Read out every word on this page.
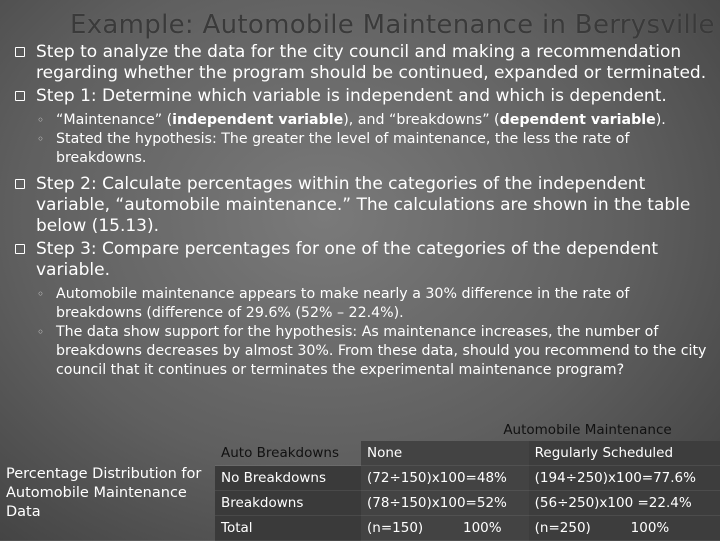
Example: Automobile Maintenance in Berrysville
Step to analyze the data for the city council and making a recommendation regarding whether the program should be continued, expanded or terminated.
Step 1: Determine which variable is independent and which is dependent.
◦ “Maintenance” (independent variable), and “breakdowns” (dependent variable).
◦ Stated the hypothesis: The greater the level of maintenance, the less the rate of breakdowns.
Step 2: Calculate percentages within the categories of the independent variable, “automobile maintenance.” The calculations are shown in the table below (15.13).
Step 3: Compare percentages for one of the categories of the dependent variable.
◦ Automobile maintenance appears to make nearly a 30% difference in the rate of breakdowns (difference of 29.6% (52% – 22.4%).
◦ The data show support for the hypothesis: As maintenance increases, the number of breakdowns decreases by almost 30%. From these data, should you recommend to the city council that it continues or terminates the experimental maintenance program?
Percentage Distribution for Automobile Maintenance Data
Automobile Maintenance
Auto Breakdowns	None	Regularly Scheduled
No Breakdowns	(72÷150)x100=48%	(194÷250)x100=77.6%
Breakdowns	(78÷150)x100=52%	(56÷250)x100 =22.4%
Total	(n=150) 100%	(n=250) 100%
